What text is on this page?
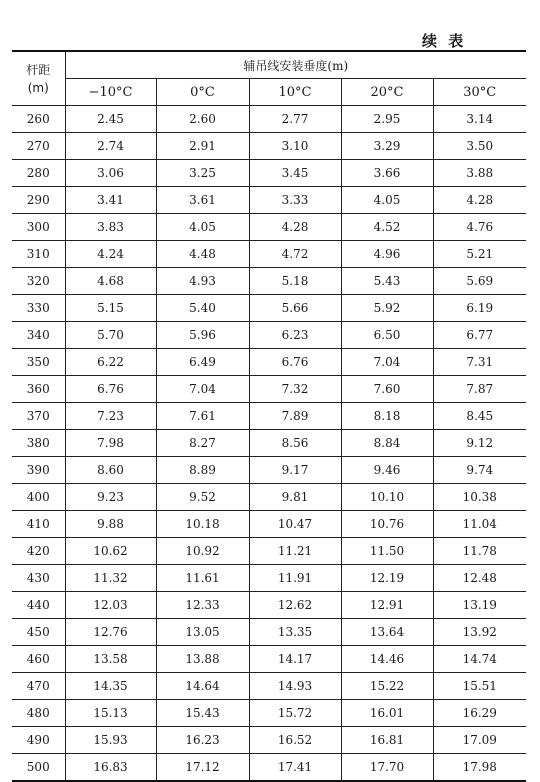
续 表
杆距
(m)	辅吊线安装垂度(m)				
	−10°C	0°C	10°C	20°C	30°C
260	2.45	2.60	2.77	2.95	3.14
270	2.74	2.91	3.10	3.29	3.50
280	3.06	3.25	3.45	3.66	3.88
290	3.41	3.61	3.33	4.05	4.28
300	3.83	4.05	4.28	4.52	4.76
310	4.24	4.48	4.72	4.96	5.21
320	4.68	4.93	5.18	5.43	5.69
330	5.15	5.40	5.66	5.92	6.19
340	5.70	5.96	6.23	6.50	6.77
350	6.22	6.49	6.76	7.04	7.31
360	6.76	7.04	7.32	7.60	7.87
370	7.23	7.61	7.89	8.18	8.45
380	7.98	8.27	8.56	8.84	9.12
390	8.60	8.89	9.17	9.46	9.74
400	9.23	9.52	9.81	10.10	10.38
410	9.88	10.18	10.47	10.76	11.04
420	10.62	10.92	11.21	11.50	11.78
430	11.32	11.61	11.91	12.19	12.48
440	12.03	12.33	12.62	12.91	13.19
450	12.76	13.05	13.35	13.64	13.92
460	13.58	13.88	14.17	14.46	14.74
470	14.35	14.64	14.93	15.22	15.51
480	15.13	15.43	15.72	16.01	16.29
490	15.93	16.23	16.52	16.81	17.09
500	16.83	17.12	17.41	17.70	17.98
